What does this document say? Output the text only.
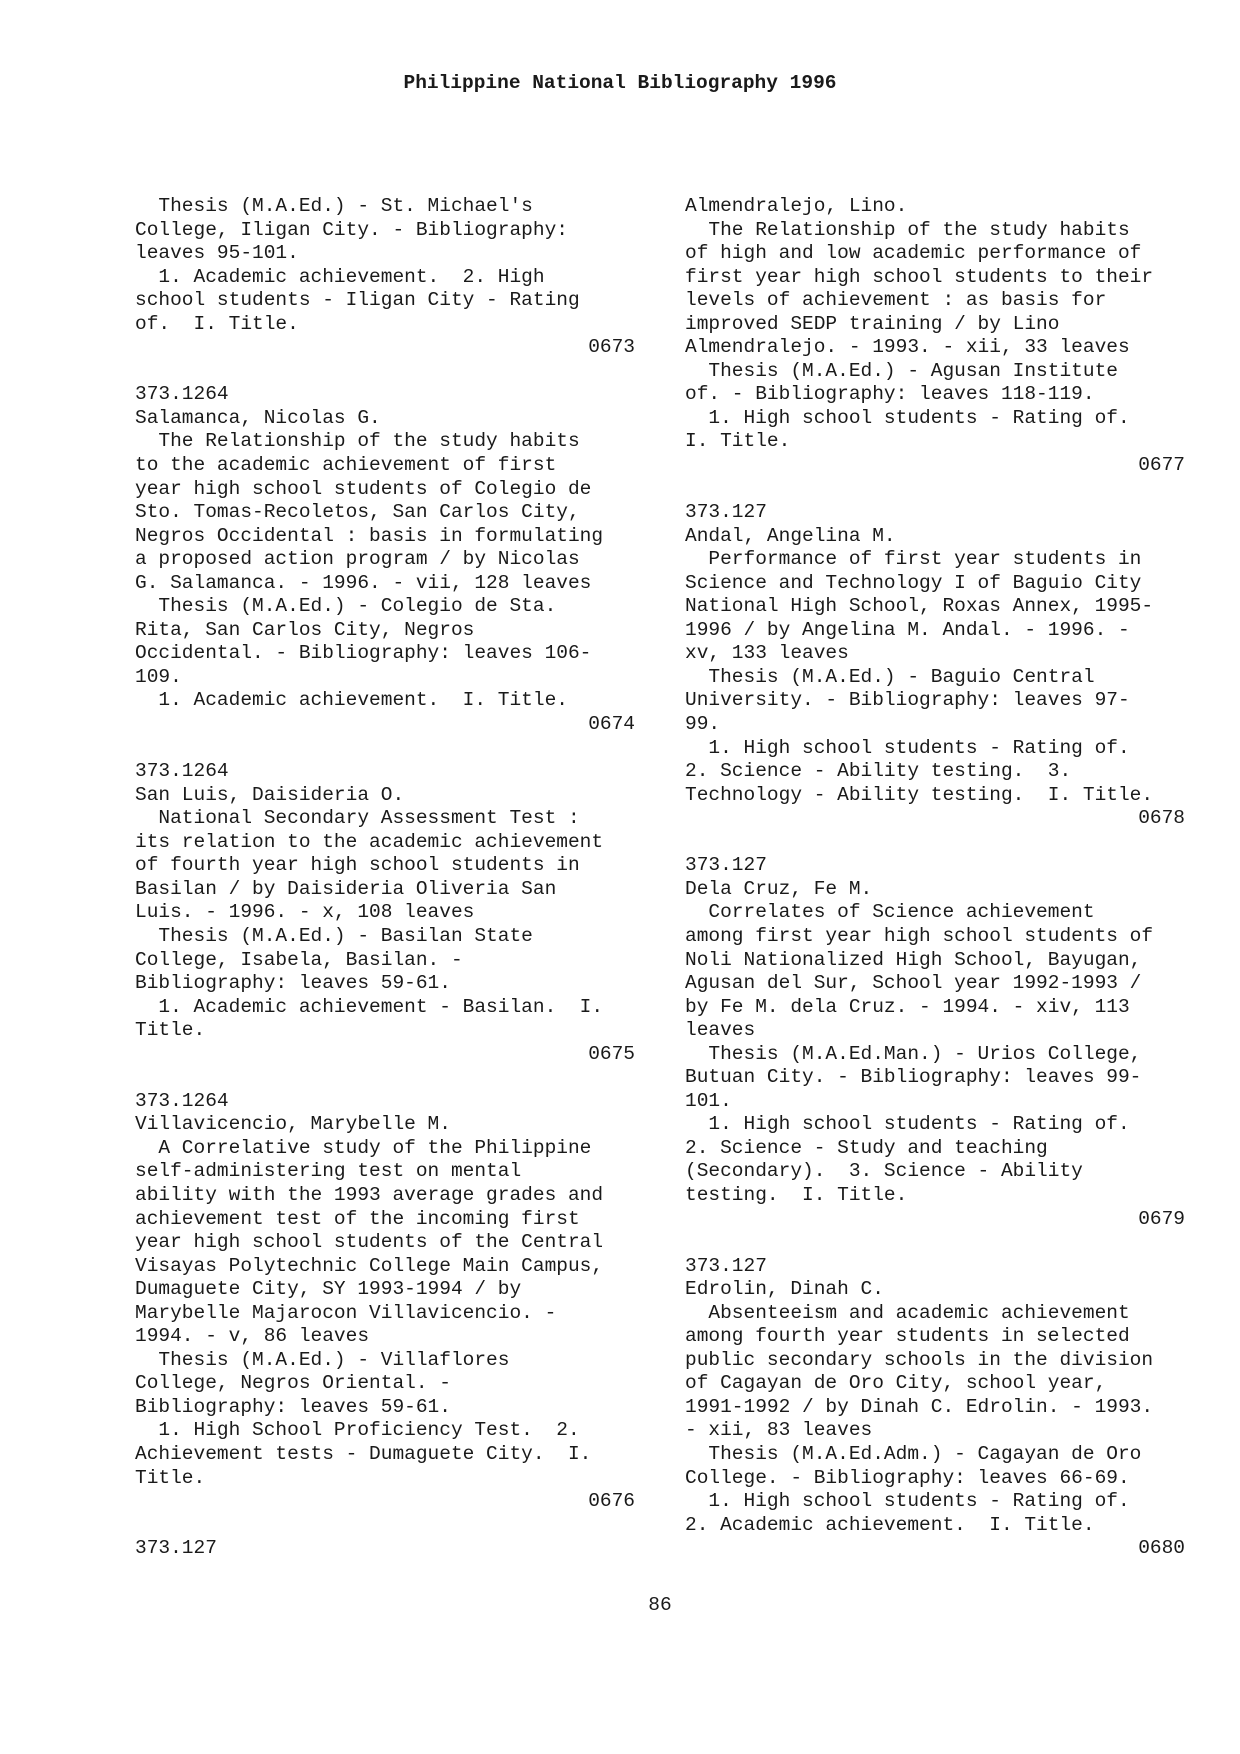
Philippine National Bibliography 1996
Thesis (M.A.Ed.) - St. Michael's
College, Iligan City. - Bibliography:
leaves 95-101.
1. Academic achievement.  2. High
school students - Iligan City - Rating
of.  I. Title.
0673
373.1264
Salamanca, Nicolas G.
The Relationship of the study habits
to the academic achievement of first
year high school students of Colegio de
Sto. Tomas-Recoletos, San Carlos City,
Negros Occidental : basis in formulating
a proposed action program / by Nicolas
G. Salamanca. - 1996. - vii, 128 leaves
Thesis (M.A.Ed.) - Colegio de Sta.
Rita, San Carlos City, Negros
Occidental. - Bibliography: leaves 106-
109.
1. Academic achievement.  I. Title.
0674
373.1264
San Luis, Daisideria O.
National Secondary Assessment Test :
its relation to the academic achievement
of fourth year high school students in
Basilan / by Daisideria Oliveria San
Luis. - 1996. - x, 108 leaves
Thesis (M.A.Ed.) - Basilan State
College, Isabela, Basilan. -
Bibliography: leaves 59-61.
1. Academic achievement - Basilan.  I.
Title.
0675
373.1264
Villavicencio, Marybelle M.
A Correlative study of the Philippine
self-administering test on mental
ability with the 1993 average grades and
achievement test of the incoming first
year high school students of the Central
Visayas Polytechnic College Main Campus,
Dumaguete City, SY 1993-1994 / by
Marybelle Majarocon Villavicencio. -
1994. - v, 86 leaves
Thesis (M.A.Ed.) - Villaflores
College, Negros Oriental. -
Bibliography: leaves 59-61.
1. High School Proficiency Test.  2.
Achievement tests - Dumaguete City.  I.
Title.
0676
373.127
Almendralejo, Lino.
The Relationship of the study habits
of high and low academic performance of
first year high school students to their
levels of achievement : as basis for
improved SEDP training / by Lino
Almendralejo. - 1993. - xii, 33 leaves
Thesis (M.A.Ed.) - Agusan Institute
of. - Bibliography: leaves 118-119.
1. High school students - Rating of.
I. Title.
0677
373.127
Andal, Angelina M.
Performance of first year students in
Science and Technology I of Baguio City
National High School, Roxas Annex, 1995-
1996 / by Angelina M. Andal. - 1996. -
xv, 133 leaves
Thesis (M.A.Ed.) - Baguio Central
University. - Bibliography: leaves 97-
99.
1. High school students - Rating of.
2. Science - Ability testing.  3.
Technology - Ability testing.  I. Title.
0678
373.127
Dela Cruz, Fe M.
Correlates of Science achievement
among first year high school students of
Noli Nationalized High School, Bayugan,
Agusan del Sur, School year 1992-1993 /
by Fe M. dela Cruz. - 1994. - xiv, 113
leaves
Thesis (M.A.Ed.Man.) - Urios College,
Butuan City. - Bibliography: leaves 99-
101.
1. High school students - Rating of.
2. Science - Study and teaching
(Secondary).  3. Science - Ability
testing.  I. Title.
0679
373.127
Edrolin, Dinah C.
Absenteeism and academic achievement
among fourth year students in selected
public secondary schools in the division
of Cagayan de Oro City, school year,
1991-1992 / by Dinah C. Edrolin. - 1993.
- xii, 83 leaves
Thesis (M.A.Ed.Adm.) - Cagayan de Oro
College. - Bibliography: leaves 66-69.
1. High school students - Rating of.
2. Academic achievement.  I. Title.
0680
86
